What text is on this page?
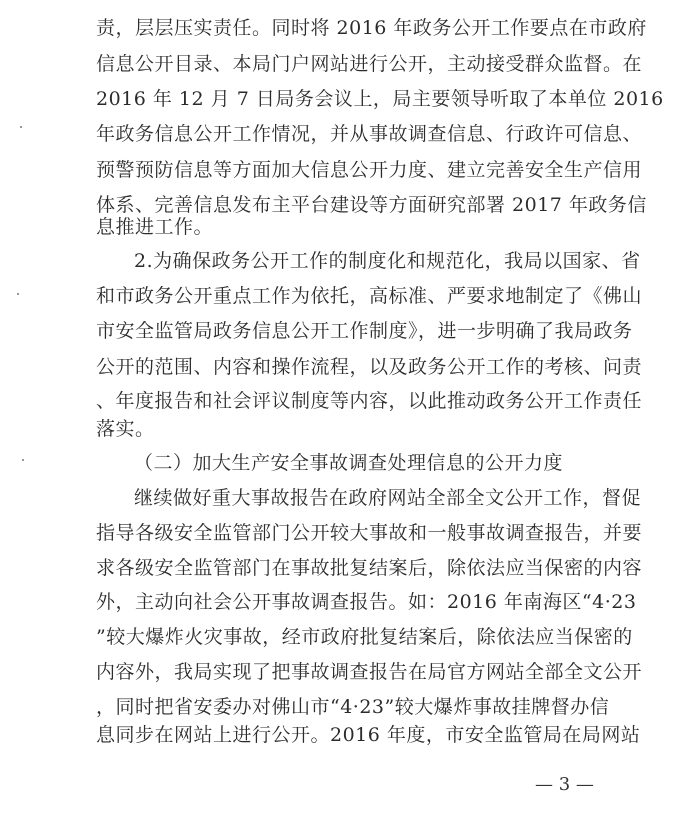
责，层层压实责任。同时将 2016 年政务公开工作要点在市政府
信息公开目录、本局门户网站进行公开，主动接受群众监督。在
2016 年 12 月 7 日局务会议上，局主要领导听取了本单位 2016
年政务信息公开工作情况，并从事故调查信息、行政许可信息、
预警预防信息等方面加大信息公开力度、建立完善安全生产信用
体系、完善信息发布主平台建设等方面研究部署 2017 年政务信
息推进工作。
2.为确保政务公开工作的制度化和规范化，我局以国家、省
和市政务公开重点工作为依托，高标准、严要求地制定了《佛山
市安全监管局政务信息公开工作制度》，进一步明确了我局政务
公开的范围、内容和操作流程，以及政务公开工作的考核、问责
、年度报告和社会评议制度等内容，以此推动政务公开工作责任
落实。
（二）加大生产安全事故调查处理信息的公开力度
继续做好重大事故报告在政府网站全部全文公开工作，督促
指导各级安全监管部门公开较大事故和一般事故调查报告，并要
求各级安全监管部门在事故批复结案后，除依法应当保密的内容
外，主动向社会公开事故调查报告。如：2016 年南海区“4·23
”较大爆炸火灾事故，经市政府批复结案后，除依法应当保密的
内容外，我局实现了把事故调查报告在局官方网站全部全文公开
，同时把省安委办对佛山市“4·23”较大爆炸事故挂牌督办信
息同步在网站上进行公开。2016 年度，市安全监管局在局网站
— 3 —
